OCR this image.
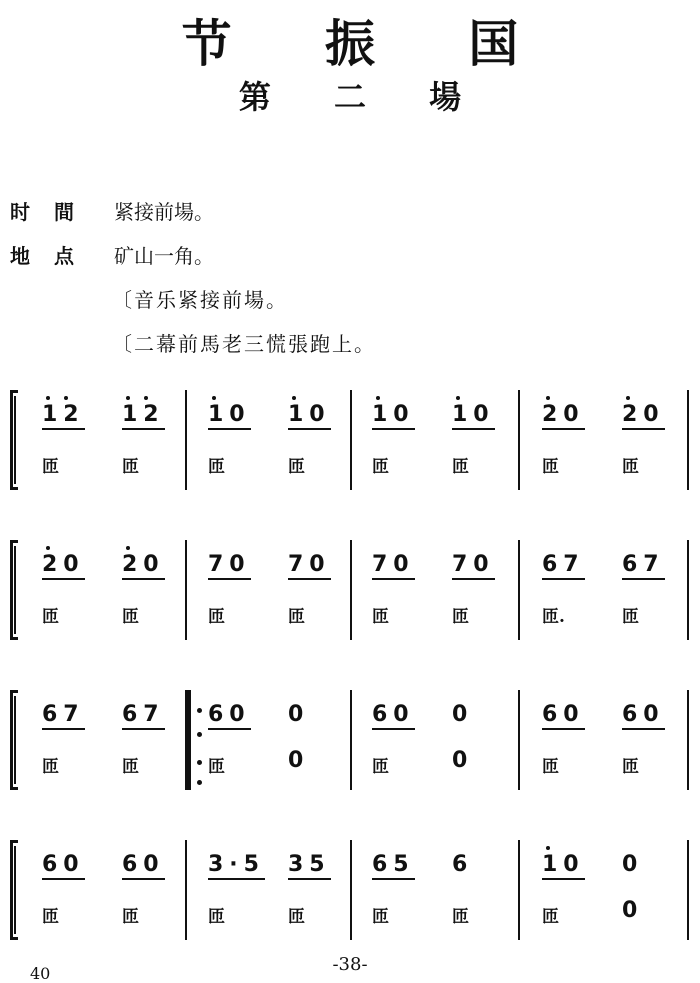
节 振 国
第 二 場
时間 紧接前場。
地点 矿山一角。
〔音乐紧接前場。
〔二幕前馬老三慌張跑上。
12 12
匝	匝
10 10
匝	匝
10 10
匝	匝
20 20
匝	匝
20 20
匝	匝
70 70
匝	匝
70 70
匝	匝
67 67
匝.	匝
67 67
匝	匝
60 0
匝	0
60 0
匝	0
60 60
匝	匝
60 60
匝	匝
3·5 35
匝	匝
65 6
匝	匝
10 0
匝	0
-38-
40
